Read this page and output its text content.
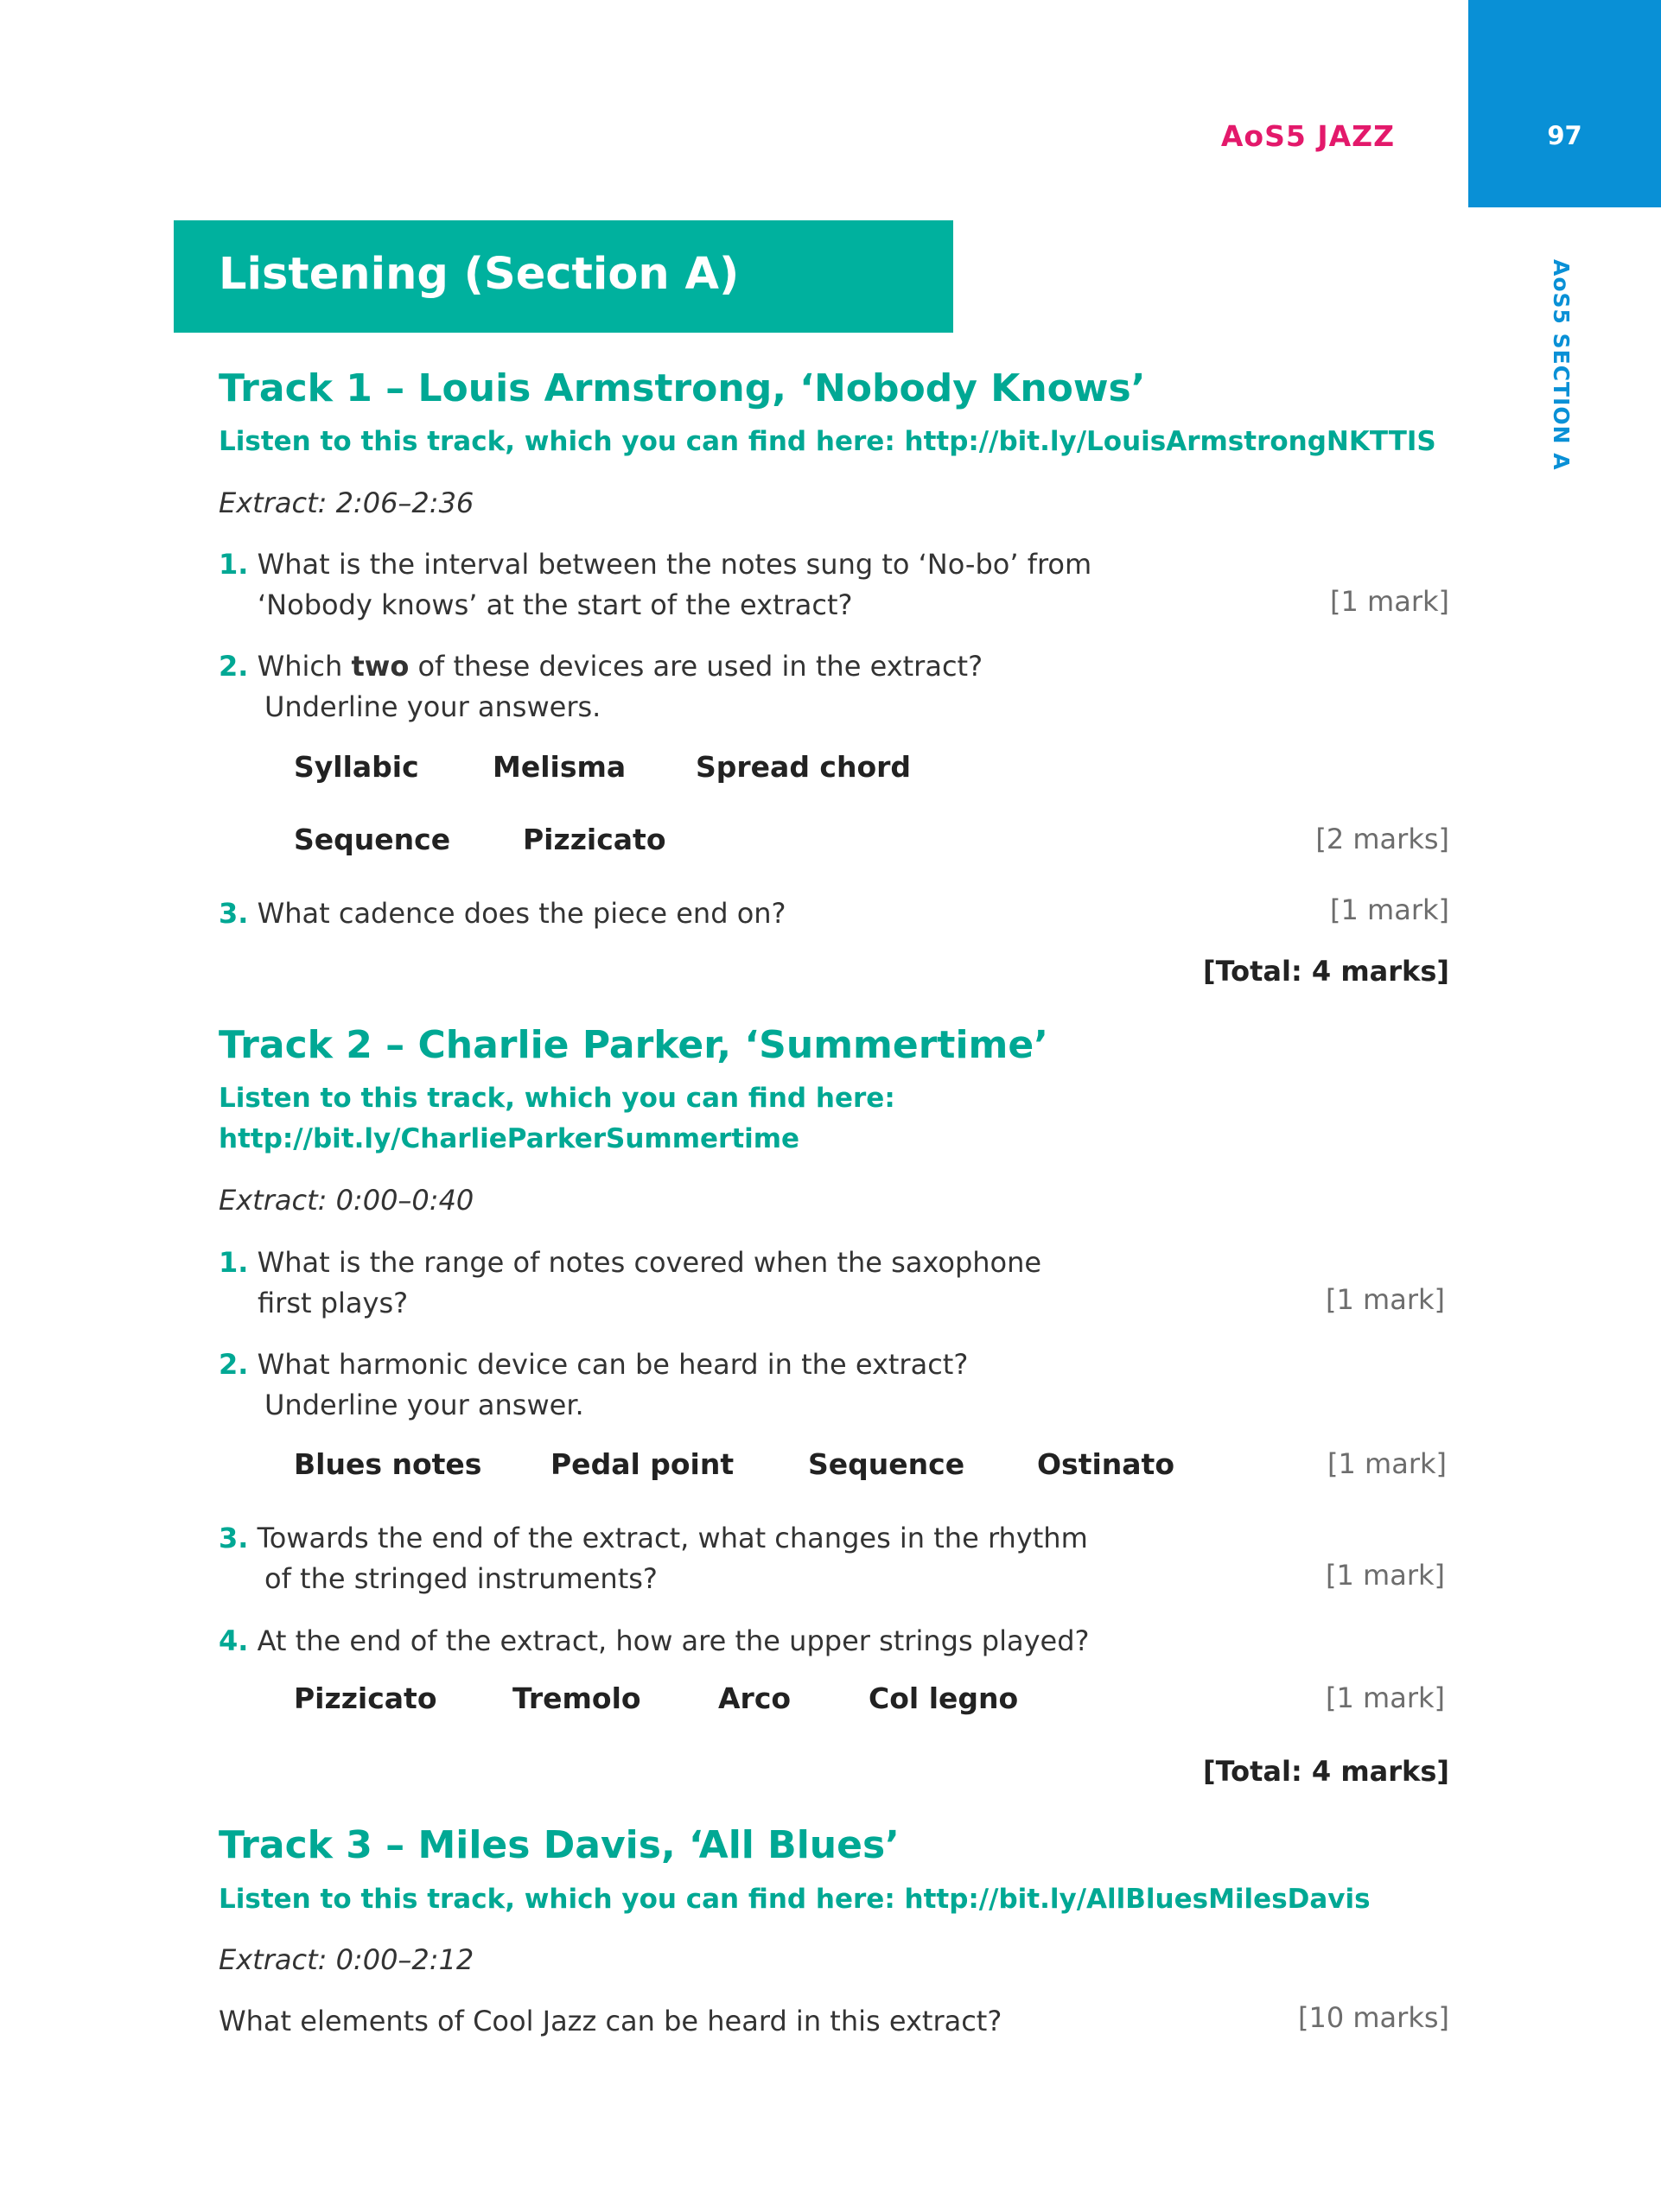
97
AoS5 JAZZ
AoS5 SECTION A
Listening (Section A)
Track 1 – Louis Armstrong, ‘Nobody Knows’
Listen to this track, which you can find here: http://bit.ly/LouisArmstrongNKTTIS
Extract: 2:06–2:36
1. What is the interval between the notes sung to ‘No-bo’ from
‘Nobody knows’ at the start of the extract?	[1 mark]
2. Which two of these devices are used in the extract?
Underline your answers.
Syllabic	Melisma Spread chord
Sequence	Pizzicato	[2 marks]
3. What cadence does the piece end on?	[1 mark]
[Total: 4 marks]
Track 2 – Charlie Parker, ‘Summertime’
Listen to this track, which you can find here:
http://bit.ly/CharlieParkerSummertime
Extract: 0:00–0:40
1. What is the range of notes covered when the saxophone
first plays?	[1 mark]
2. What harmonic device can be heard in the extract?
Underline your answer.
Blues notes Pedal point	Sequence	Ostinato	[1 mark]
3. Towards the end of the extract, what changes in the rhythm
of the stringed instruments?	[1 mark]
4. At the end of the extract, how are the upper strings played?
Pizzicato	Tremolo	Arco	Col legno	[1 mark]
[Total: 4 marks]
Track 3 – Miles Davis, ‘All Blues’
Listen to this track, which you can find here: http://bit.ly/AllBluesMilesDavis
Extract: 0:00–2:12
What elements of Cool Jazz can be heard in this extract?	[10 marks]
